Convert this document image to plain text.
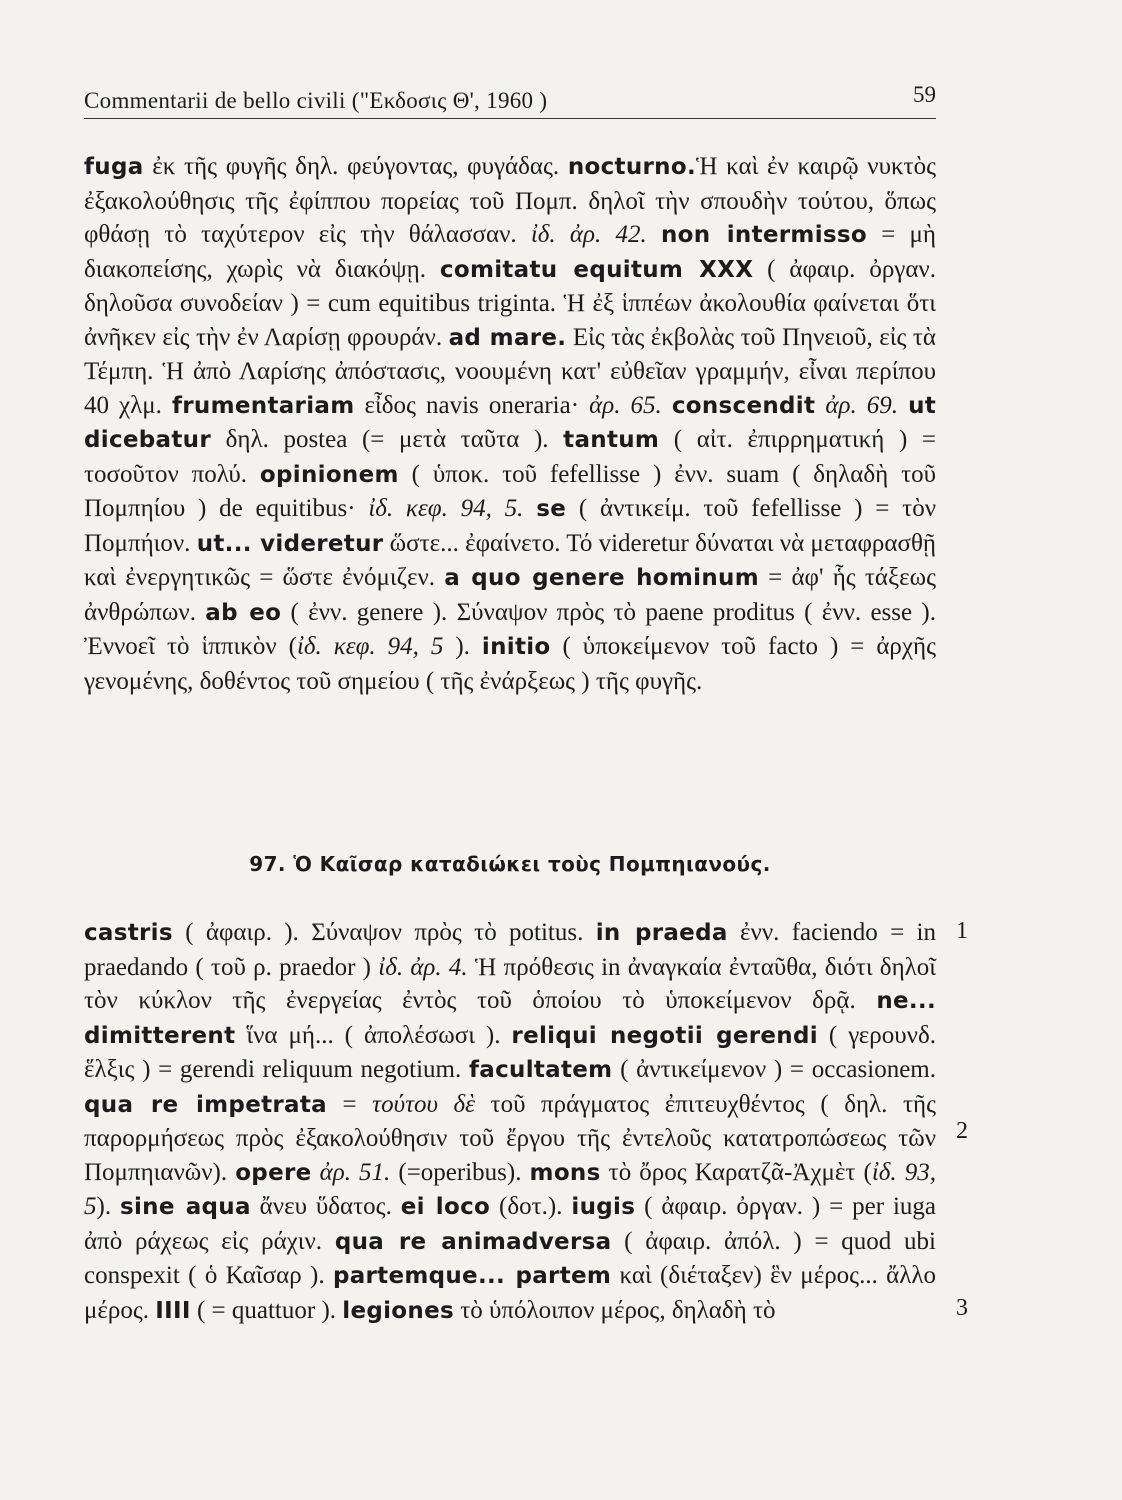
Commentarii de bello civili ("Εκδοσις Θ', 1960 )	59
fuga ἐκ τῆς φυγῆς δηλ. φεύγοντας, φυγάδας. nocturno.Ἡ καὶ ἐν καιρῷ νυκτὸς ἐξακολούθησις τῆς ἐφίππου πορείας τοῦ Πομπ. δηλοῖ τὴν σπουδὴν τούτου, ὅπως φθάσῃ τὸ ταχύτερον εἰς τὴν θάλασσαν. ἰδ. ἀρ. 42. non intermisso = μὴ διακοπείσης, χωρὶς νὰ διακόψῃ. comitatu equitum XXX ( ἀφαιρ. ὀργαν. δηλοῦσα συνοδείαν ) = cum equitibus triginta. Ἡ ἐξ ἱππέων ἀκολουθία φαίνεται ὅτι ἀνῆκεν εἰς τὴν ἐν Λαρίσῃ φρουράν. ad mare. Εἰς τὰς ἐκβολὰς τοῦ Πηνειοῦ, εἰς τὰ Τέμπη. Ἡ ἀπὸ Λαρίσης ἀπόστασις, νοουμένη κατ' εὐθεῖαν γραμμήν, εἶναι περίπου 40 χλμ. frumentariam εἶδος navis oneraria· ἀρ. 65. conscendit ἀρ. 69. ut dicebatur δηλ. postea (= μετὰ ταῦτα ). tantum ( αἰτ. ἐπιρρηματική ) = τοσοῦτον πολύ. opinionem ( ὑποκ. τοῦ fefellisse ) ἐνν. suam ( δηλαδὴ τοῦ Πομπηίου ) de equitibus· ἰδ. κεφ. 94, 5. se ( ἀντικείμ. τοῦ fefellisse ) = τὸν Πομπήιον. ut... videretur ὥστε... ἐφαίνετο. Τό videretur δύναται νὰ μεταφρασθῇ καὶ ἐνεργητικῶς = ὥστε ἐνόμιζεν. a quo genere hominum = ἀφ' ἧς τάξεως ἀνθρώπων. ab eo ( ἐνν. genere ). Σύναψον πρὸς τὸ paene proditus ( ἐνν. esse ). Ἐννοεῖ τὸ ἱππικὸν (ἰδ. κεφ. 94, 5 ). initio ( ὑποκείμενον τοῦ facto ) = ἀρχῆς γενομένης, δοθέντος τοῦ σημείου ( τῆς ἐνάρξεως ) τῆς φυγῆς.
97. Ὁ Καῖσαρ καταδιώκει τοὺς Πομπηιανούς.
castris ( ἀφαιρ. ). Σύναψον πρὸς τὸ potitus. in praeda ἐνν. faciendo = in praedando ( τοῦ ρ. praedor ) ἰδ. ἀρ. 4. Ἡ πρόθεσις in ἀναγκαία ἐνταῦθα, διότι δηλοῖ τὸν κύκλον τῆς ἐνεργείας ἐντὸς τοῦ ὁποίου τὸ ὑποκείμενον δρᾷ. ne... dimitterent ἵνα μή... ( ἀπολέσωσι ). reliqui negotii gerendi ( γερουνδ. ἕλξις ) = gerendi reliquum negotium. facultatem ( ἀντικείμενον ) = occasionem. qua re impetrata = τούτου δὲ τοῦ πράγματος ἐπιτευχθέντος ( δηλ. τῆς παρορμήσεως πρὸς ἐξακολούθησιν τοῦ ἔργου τῆς ἐντελοῦς κατατροπώσεως τῶν Πομπηιανῶν). opere ἀρ. 51. (=operibus). mons τὸ ὄρος Καρατζᾶ-Ἀχμὲτ (ἰδ. 93, 5). sine aqua ἄνευ ὕδατος. ei loco (δοτ.). iugis ( ἀφαιρ. ὀργαν. ) = per iuga ἀπὸ ράχεως εἰς ράχιν. qua re animadversa ( ἀφαιρ. ἀπόλ. ) = quod ubi conspexit ( ὁ Καῖσαρ ). partemque... partem καὶ (διέταξεν) ἓν μέρος... ἄλλο μέρος. IIII ( = quattuor ). legiones τὸ ὑπόλοιπον μέρος, δηλαδὴ τὸ
1
2
3
